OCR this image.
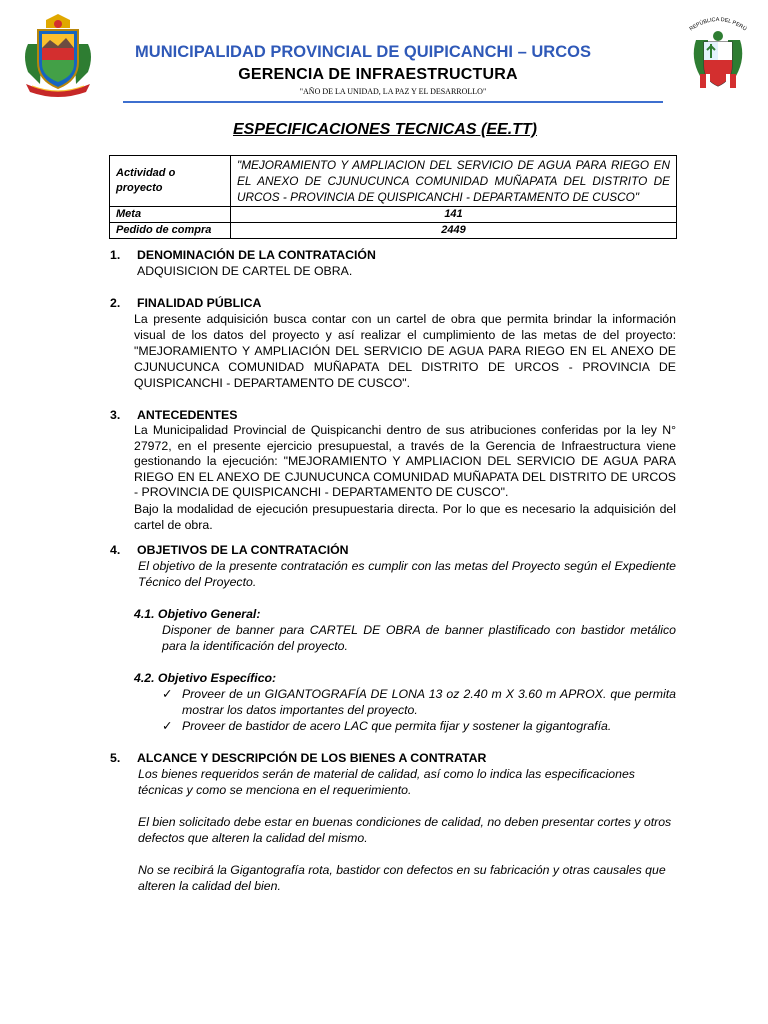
MUNICIPALIDAD PROVINCIAL DE QUIPICANCHI – URCOS
GERENCIA DE INFRAESTRUCTURA
"AÑO DE LA UNIDAD, LA PAZ Y EL DESARROLLO"
REPÚBLICA DEL PERÚ
ESPECIFICACIONES TECNICAS (EE.TT)
Actividad o proyecto	"MEJORAMIENTO Y AMPLIACION DEL SERVICIO DE AGUA PARA RIEGO EN EL ANEXO DE CJUNUCUNCA COMUNIDAD MUÑAPATA DEL DISTRITO DE URCOS - PROVINCIA DE QUISPICANCHI - DEPARTAMENTO DE CUSCO"
Meta	141
Pedido de compra	2449
1. DENOMINACIÓN DE LA CONTRATACIÓN
ADQUISICION DE CARTEL DE OBRA.
2. FINALIDAD PÚBLICA
La presente adquisición busca contar con un cartel de obra que permita brindar la información visual de los datos del proyecto y así realizar el cumplimiento de las metas de del proyecto: "MEJORAMIENTO Y AMPLIACIÓN DEL SERVICIO DE AGUA PARA RIEGO EN EL ANEXO DE CJUNUCUNCA COMUNIDAD MUÑAPATA DEL DISTRITO DE URCOS - PROVINCIA DE QUISPICANCHI - DEPARTAMENTO DE CUSCO".
3. ANTECEDENTES
La Municipalidad Provincial de Quispicanchi dentro de sus atribuciones conferidas por la ley N° 27972, en el presente ejercicio presupuestal, a través de la Gerencia de Infraestructura viene gestionando la ejecución: "MEJORAMIENTO Y AMPLIACION DEL SERVICIO DE AGUA PARA RIEGO EN EL ANEXO DE CJUNUCUNCA COMUNIDAD MUÑAPATA DEL DISTRITO DE URCOS - PROVINCIA DE QUISPICANCHI - DEPARTAMENTO DE CUSCO".
Bajo la modalidad de ejecución presupuestaria directa. Por lo que es necesario la adquisición del cartel de obra.
4. OBJETIVOS DE LA CONTRATACIÓN
El objetivo de la presente contratación es cumplir con las metas del Proyecto según el Expediente Técnico del Proyecto.
4.1. Objetivo General:
Disponer de banner para CARTEL DE OBRA de banner plastificado con bastidor metálico para la identificación del proyecto.
4.2. Objetivo Específico:
✓ Proveer de un GIGANTOGRAFÍA DE LONA 13 oz 2.40 m X 3.60 m APROX. que permita mostrar los datos importantes del proyecto.
✓ Proveer de bastidor de acero LAC que permita fijar y sostener la gigantografía.
5. ALCANCE Y DESCRIPCIÓN DE LOS BIENES A CONTRATAR
Los bienes requeridos serán de material de calidad, así como lo indica las especificaciones técnicas y como se menciona en el requerimiento.
El bien solicitado debe estar en buenas condiciones de calidad, no deben presentar cortes y otros defectos que alteren la calidad del mismo.
No se recibirá la Gigantografía rota, bastidor con defectos en su fabricación y otras causales que alteren la calidad del bien.
